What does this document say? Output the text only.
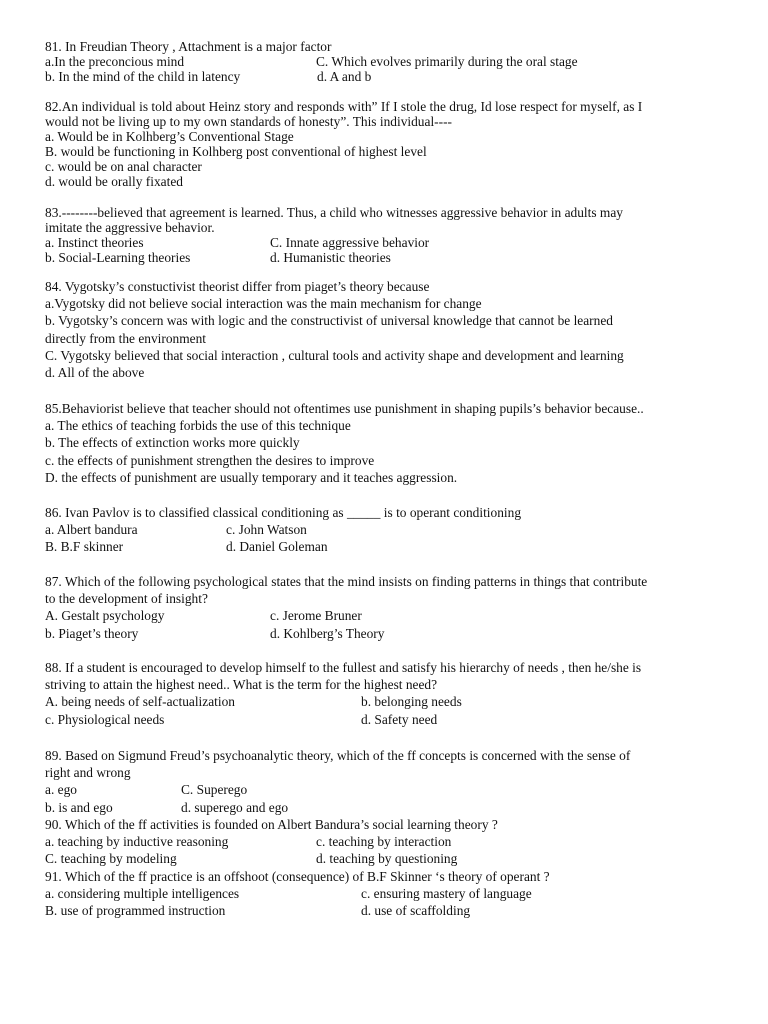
81. In Freudian Theory , Attachment is a major factor
a.In the preconcious mind	C. Which evolves primarily during the oral stage
b. In the mind of the child in latency	d. A and b
82.An individual is told about Heinz story and responds with” If I stole the drug, Id lose respect for myself, as I
would not be living up to my own standards of honesty”. This individual----
a. Would be in Kolhberg’s Conventional Stage
B. would be functioning in Kolhberg post conventional of highest level
c. would be on anal character
d. would be orally fixated
83.--------believed that agreement is learned. Thus, a child who witnesses aggressive behavior in adults may
imitate the aggressive behavior.
a. Instinct theories	C. Innate aggressive behavior
b. Social-Learning theories	d. Humanistic theories
84. Vygotsky’s constuctivist theorist differ from piaget’s theory because
a.Vygotsky did not believe social interaction was the main mechanism for change
b. Vygotsky’s concern was with logic and the constructivist of universal knowledge that cannot be learned
directly from the environment
C. Vygotsky believed that social interaction , cultural tools and activity shape and development and learning
d. All of the above
85.Behaviorist believe that teacher should not oftentimes use punishment in shaping pupils’s behavior because..
a. The ethics of teaching forbids the use of this technique
b. The effects of extinction works more quickly
c. the effects of punishment strengthen the desires to improve
D. the effects of punishment are usually temporary and it teaches aggression.
86. Ivan Pavlov is to classified classical conditioning as _____ is to operant conditioning
a. Albert bandura	c. John Watson
B. B.F skinner	d. Daniel Goleman
87. Which of the following psychological states that the mind insists on finding patterns in things that contribute
to the development of insight?
A. Gestalt psychology	c. Jerome Bruner
b. Piaget’s theory	d. Kohlberg’s Theory
88. If a student is encouraged to develop himself to the fullest and satisfy his hierarchy of needs , then he/she is
striving to attain the highest need.. What is the term for the highest need?
A. being needs of self-actualization	b. belonging needs
c. Physiological needs	d. Safety need
89. Based on Sigmund Freud’s psychoanalytic theory, which of the ff concepts is concerned with the sense of
right and wrong
a. ego	C. Superego
b. is and ego	d. superego and ego
90. Which of the ff activities is founded on Albert Bandura’s social learning theory ?
a. teaching by inductive reasoning	c. teaching by interaction
C. teaching by modeling	d. teaching by questioning
91. Which of the ff practice is an offshoot (consequence) of B.F Skinner ‘s theory of operant ?
a. considering multiple intelligences	c. ensuring mastery of language
B. use of programmed instruction	d. use of scaffolding
